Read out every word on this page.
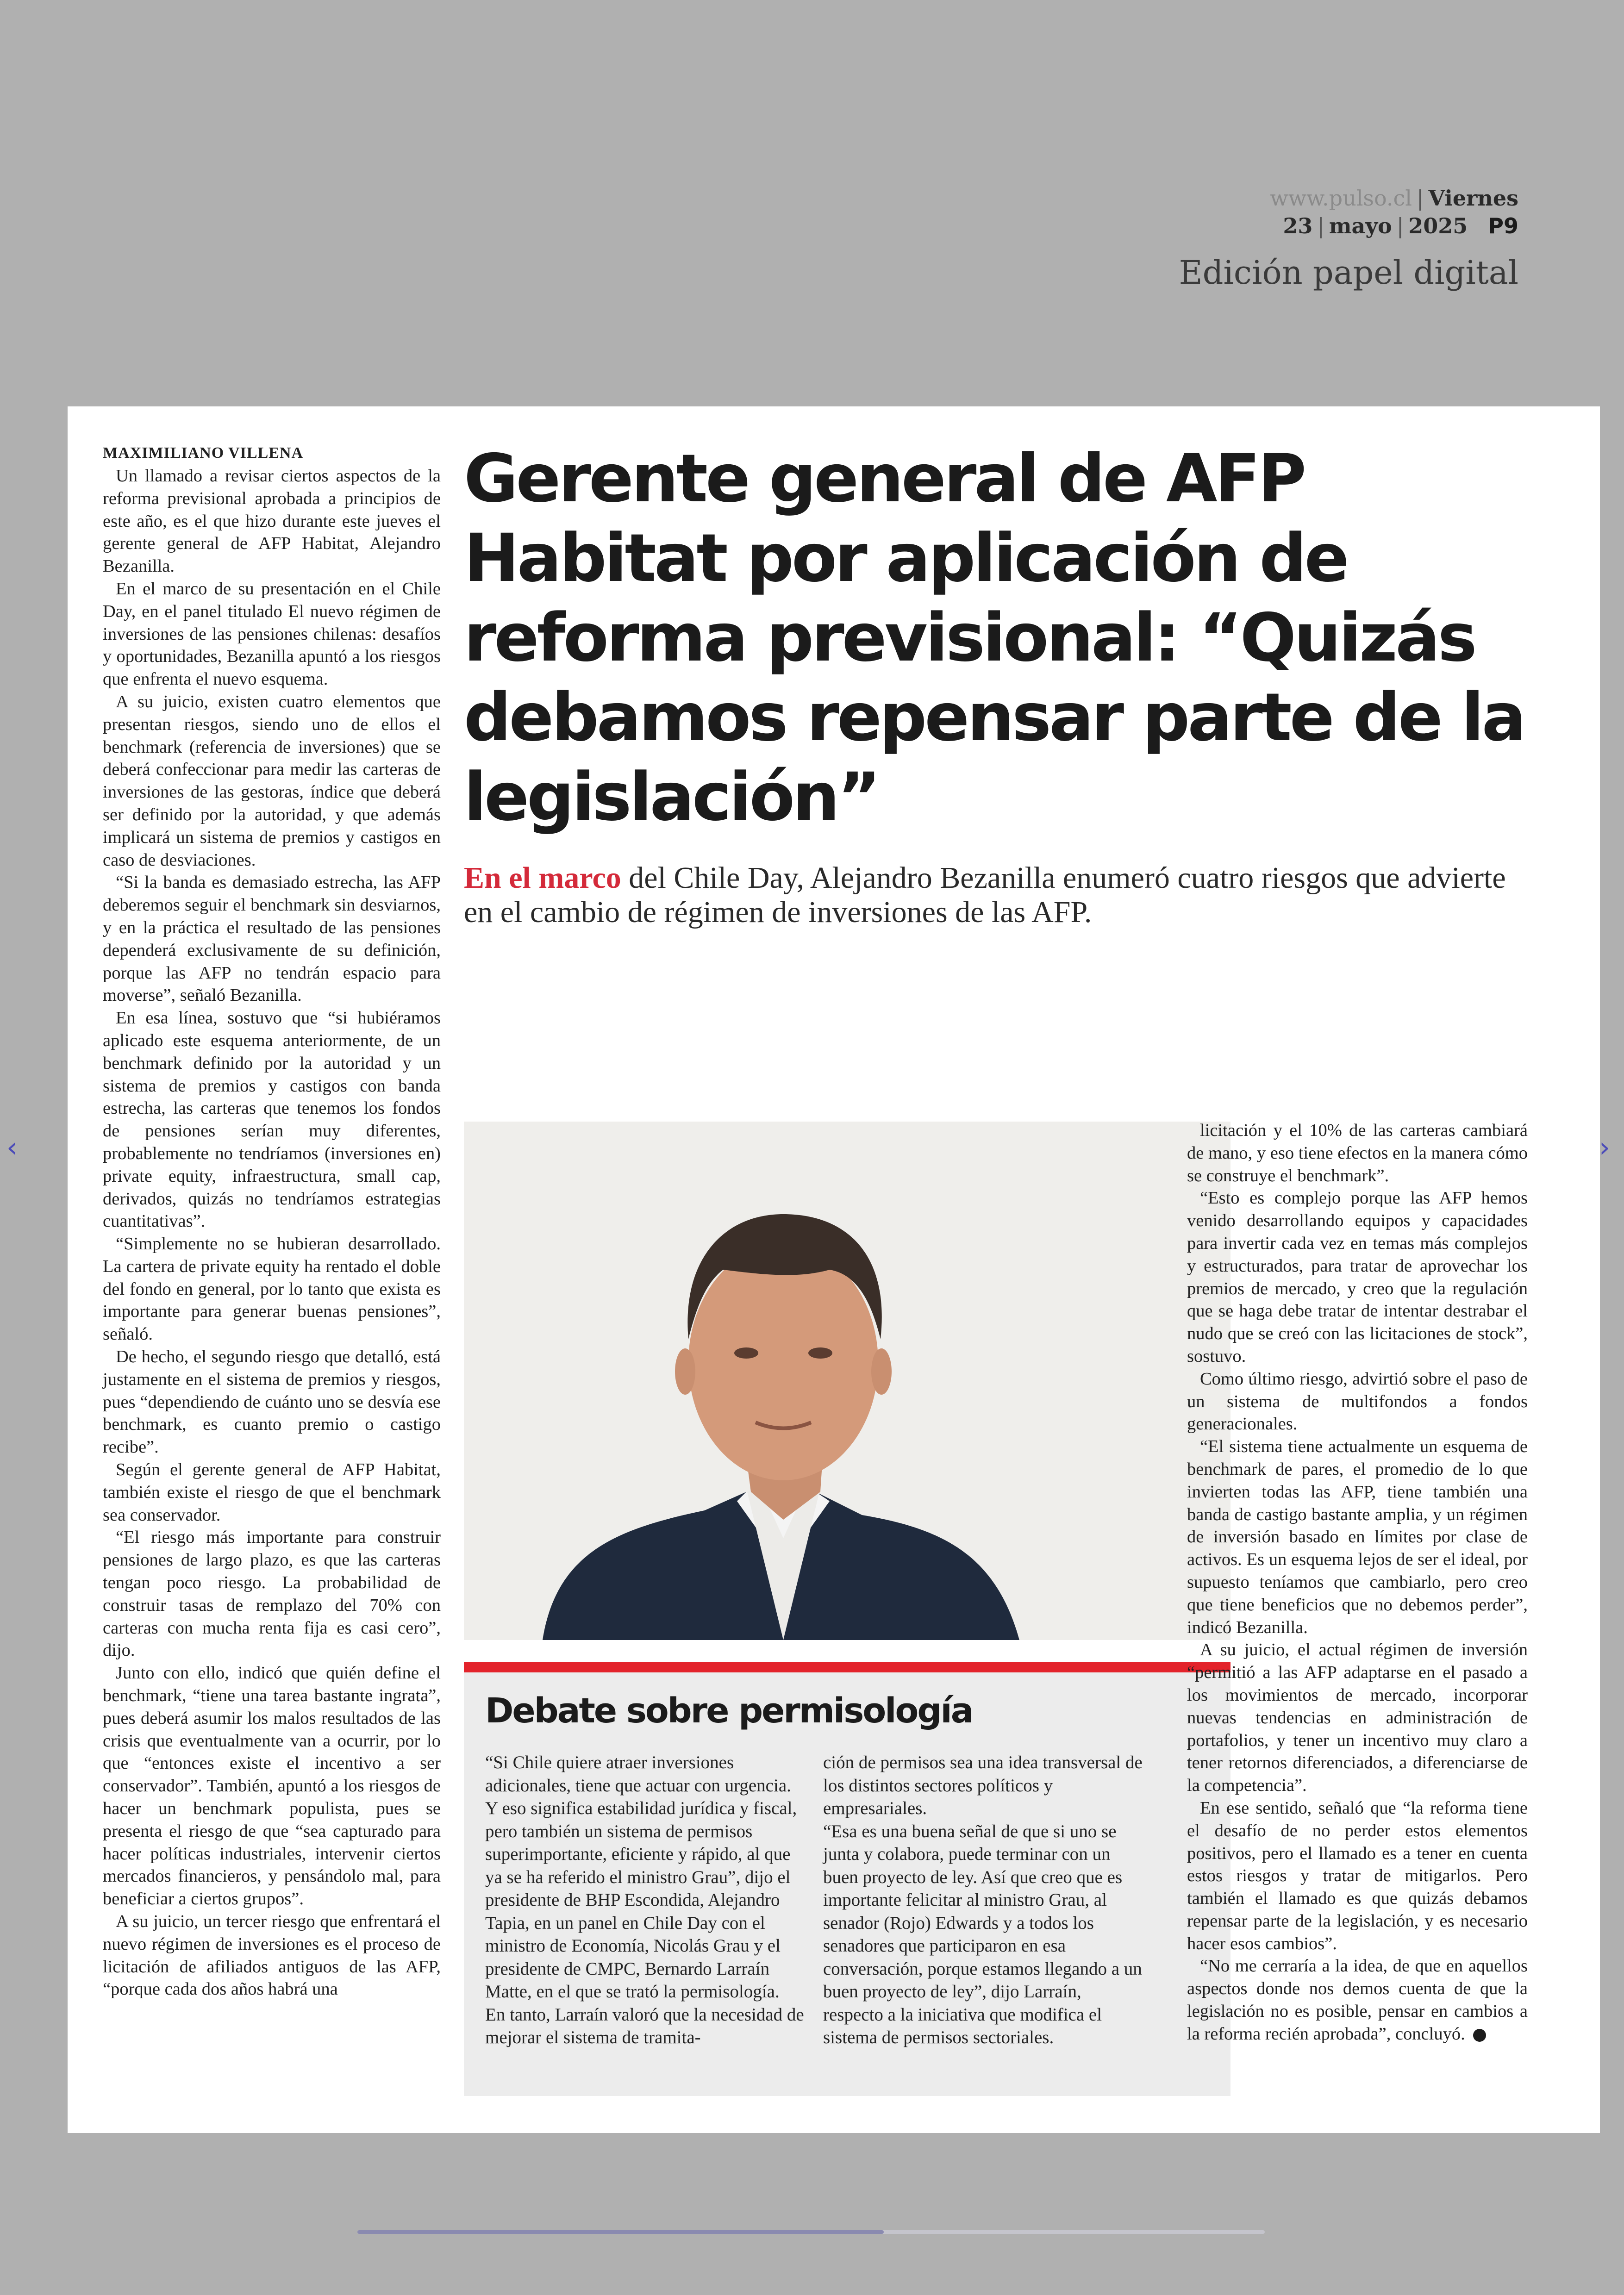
www.pulso.cl | Viernes 23 | mayo | 2025 P9
Edición papel digital
MAXIMILIANO VILLENA

Un llamado a revisar ciertos aspectos de la reforma previsional aprobada a principios de este año, es el que hizo durante este jueves el gerente general de AFP Habitat, Alejandro Bezanilla.

En el marco de su presentación en el Chile Day, en el panel titulado El nuevo régimen de inversiones de las pensiones chilenas: desafíos y oportunidades, Bezanilla apuntó a los riesgos que enfrenta el nuevo esquema.

A su juicio, existen cuatro elementos que presentan riesgos, siendo uno de ellos el benchmark (referencia de inversiones) que se deberá confeccionar para medir las carteras de inversiones de las gestoras, índice que deberá ser definido por la autoridad, y que además implicará un sistema de premios y castigos en caso de desviaciones.

“Si la banda es demasiado estrecha, las AFP deberemos seguir el benchmark sin desviarnos, y en la práctica el resultado de las pensiones dependerá exclusivamente de su definición, porque las AFP no tendrán espacio para moverse”, señaló Bezanilla.

En esa línea, sostuvo que “si hubiéramos aplicado este esquema anteriormente, de un benchmark definido por la autoridad y un sistema de premios y castigos con banda estrecha, las carteras que tenemos los fondos de pensiones serían muy diferentes, probablemente no tendríamos (inversiones en) private equity, infraestructura, small cap, derivados, quizás no tendríamos estrategias cuantitativas”.

“Simplemente no se hubieran desarrollado. La cartera de private equity ha rentado el doble del fondo en general, por lo tanto que exista es importante para generar buenas pensiones”, señaló.

De hecho, el segundo riesgo que detalló, está justamente en el sistema de premios y riesgos, pues “dependiendo de cuánto uno se desvía ese benchmark, es cuanto premio o castigo recibe”.

Según el gerente general de AFP Habitat, también existe el riesgo de que el benchmark sea conservador.

“El riesgo más importante para construir pensiones de largo plazo, es que las carteras tengan poco riesgo. La probabilidad de construir tasas de remplazo del 70% con carteras con mucha renta fija es casi cero”, dijo.

Junto con ello, indicó que quién define el benchmark, “tiene una tarea bastante ingrata”, pues deberá asumir los malos resultados de las crisis que eventualmente van a ocurrir, por lo que “entonces existe el incentivo a ser conservador”. También, apuntó a los riesgos de hacer un benchmark populista, pues se presenta el riesgo de que “sea capturado para hacer políticas industriales, intervenir ciertos mercados financieros, y pensándolo mal, para beneficiar a ciertos grupos”.

A su juicio, un tercer riesgo que enfrentará el nuevo régimen de inversiones es el proceso de licitación de afiliados antiguos de las AFP, “porque cada dos años habrá una

Gerente general de AFP Habitat por aplicación de reforma previsional: “Quizás debamos repensar parte de la legislación”
En el marco del Chile Day, Alejandro Bezanilla enumeró cuatro riesgos que advierte en el cambio de régimen de inversiones de las AFP.
Debate sobre permisología

“Si Chile quiere atraer inversiones adicionales, tiene que actuar con urgencia. Y eso significa estabilidad jurídica y fiscal, pero también un sistema de permisos superimportante, eficiente y rápido, al que ya se ha referido el ministro Grau”, dijo el presidente de BHP Escondida, Alejandro Tapia, en un panel en Chile Day con el ministro de Economía, Nicolás Grau y el presidente de CMPC, Bernardo Larraín Matte, en el que se trató la permisología.

En tanto, Larraín valoró que la necesidad de mejorar el sistema de tramita-

ción de permisos sea una idea transversal de los distintos sectores políticos y empresariales.

“Esa es una buena señal de que si uno se junta y colabora, puede terminar con un buen proyecto de ley. Así que creo que es importante felicitar al ministro Grau, al senador (Rojo) Edwards y a todos los senadores que participaron en esa conversación, porque estamos llegando a un buen proyecto de ley”, dijo Larraín, respecto a la iniciativa que modifica el sistema de permisos sectoriales.

licitación y el 10% de las carteras cambiará de mano, y eso tiene efectos en la manera cómo se construye el benchmark”.

“Esto es complejo porque las AFP hemos venido desarrollando equipos y capacidades para invertir cada vez en temas más complejos y estructurados, para tratar de aprovechar los premios de mercado, y creo que la regulación que se haga debe tratar de intentar destrabar el nudo que se creó con las licitaciones de stock”, sostuvo.

Como último riesgo, advirtió sobre el paso de un sistema de multifondos a fondos generacionales.

“El sistema tiene actualmente un esquema de benchmark de pares, el promedio de lo que invierten todas las AFP, tiene también una banda de castigo bastante amplia, y un régimen de inversión basado en límites por clase de activos. Es un esquema lejos de ser el ideal, por supuesto teníamos que cambiarlo, pero creo que tiene beneficios que no debemos perder”, indicó Bezanilla.

A su juicio, el actual régimen de inversión “permitió a las AFP adaptarse en el pasado a los movimientos de mercado, incorporar nuevas tendencias en administración de portafolios, y tener un incentivo muy claro a tener retornos diferenciados, a diferenciarse de la competencia”.

En ese sentido, señaló que “la reforma tiene el desafío de no perder estos elementos positivos, pero el llamado es a tener en cuenta estos riesgos y tratar de mitigarlos. Pero también el llamado es que quizás debamos repensar parte de la legislación, y es necesario hacer esos cambios”.

“No me cerraría a la idea, de que en aquellos aspectos donde nos demos cuenta de que la legislación no es posible, pensar en cambios a la reforma recién aprobada”, concluyó. P

‹	›
